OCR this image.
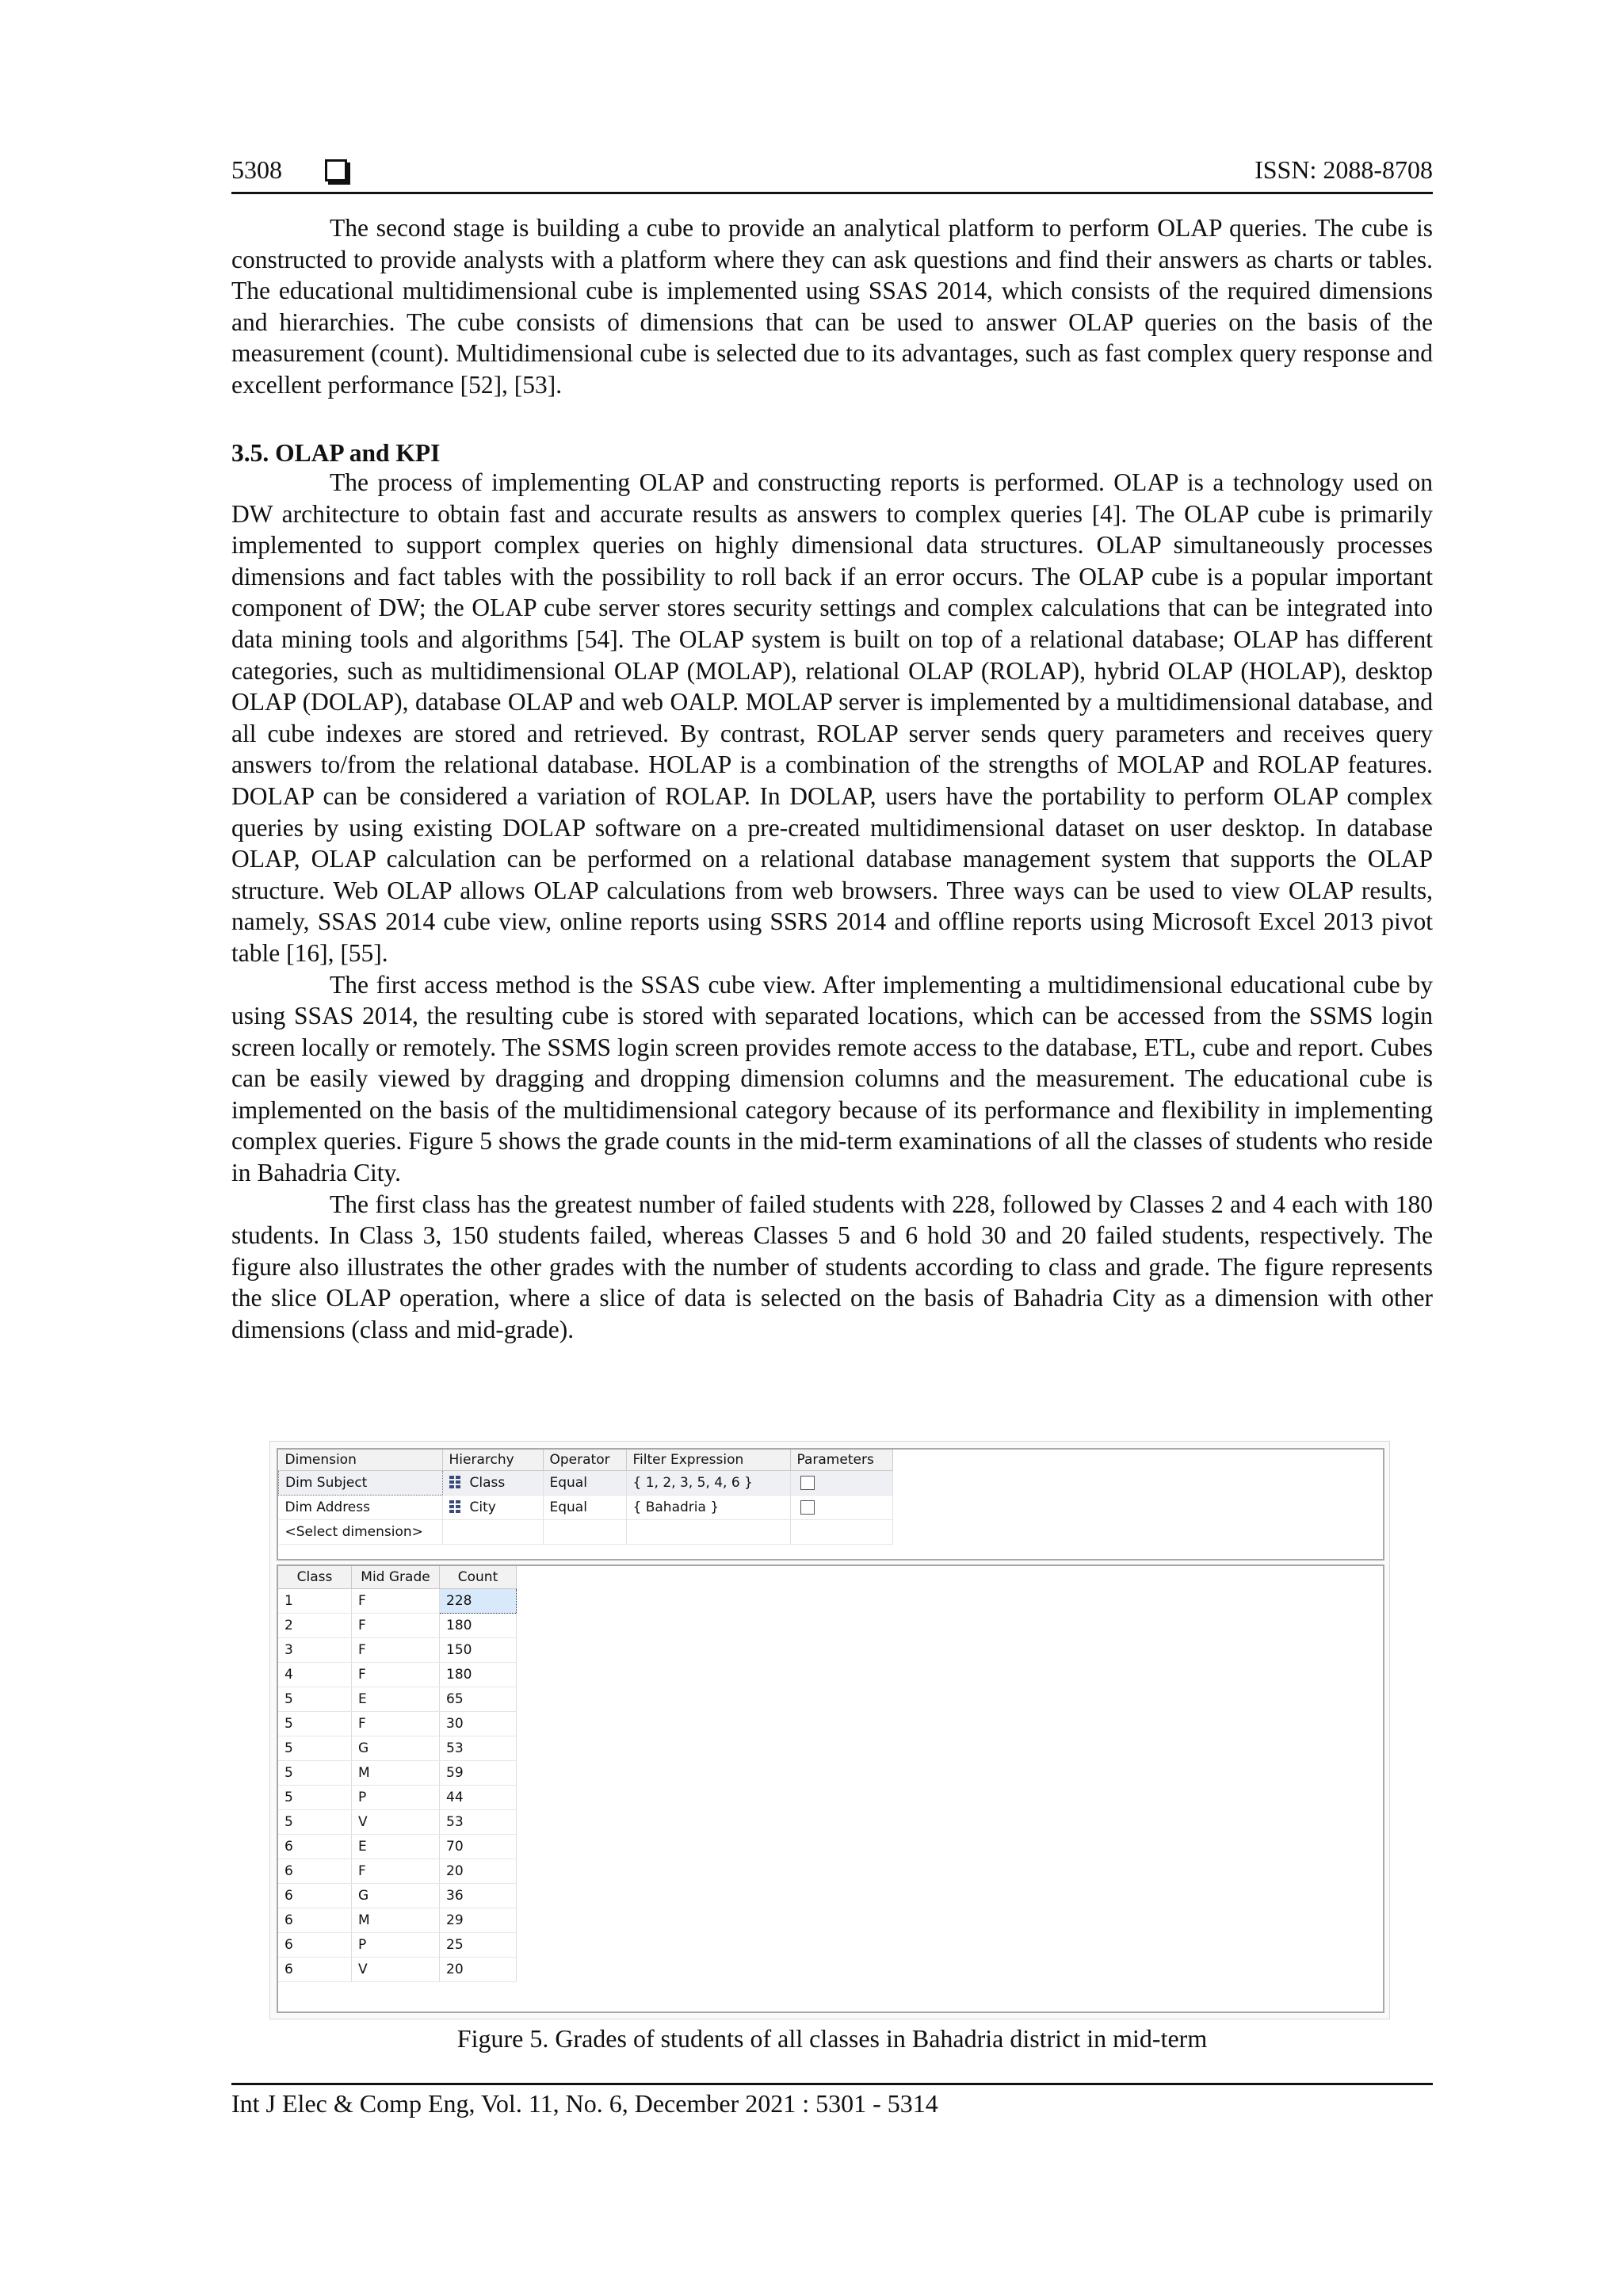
5308	ISSN: 2088-8708

The second stage is building a cube to provide an analytical platform to perform OLAP queries. The cube is constructed to provide analysts with a platform where they can ask questions and find their answers as charts or tables. The educational multidimensional cube is implemented using SSAS 2014, which consists of the required dimensions and hierarchies. The cube consists of dimensions that can be used to answer OLAP queries on the basis of the measurement (count). Multidimensional cube is selected due to its advantages, such as fast complex query response and excellent performance [52], [53].

3.5. OLAP and KPI

The process of implementing OLAP and constructing reports is performed. OLAP is a technology used on DW architecture to obtain fast and accurate results as answers to complex queries [4]. The OLAP cube is primarily implemented to support complex queries on highly dimensional data structures. OLAP simultaneously processes dimensions and fact tables with the possibility to roll back if an error occurs. The OLAP cube is a popular important component of DW; the OLAP cube server stores security settings and complex calculations that can be integrated into data mining tools and algorithms [54]. The OLAP system is built on top of a relational database; OLAP has different categories, such as multidimensional OLAP (MOLAP), relational OLAP (ROLAP), hybrid OLAP (HOLAP), desktop OLAP (DOLAP), database OLAP and web OALP. MOLAP server is implemented by a multidimensional database, and all cube indexes are stored and retrieved. By contrast, ROLAP server sends query parameters and receives query answers to/from the relational database. HOLAP is a combination of the strengths of MOLAP and ROLAP features. DOLAP can be considered a variation of ROLAP. In DOLAP, users have the portability to perform OLAP complex queries by using existing DOLAP software on a pre-created multidimensional dataset on user desktop. In database OLAP, OLAP calculation can be performed on a relational database management system that supports the OLAP structure. Web OLAP allows OLAP calculations from web browsers. Three ways can be used to view OLAP results, namely, SSAS 2014 cube view, online reports using SSRS 2014 and offline reports using Microsoft Excel 2013 pivot table [16], [55].

The first access method is the SSAS cube view. After implementing a multidimensional educational cube by using SSAS 2014, the resulting cube is stored with separated locations, which can be accessed from the SSMS login screen locally or remotely. The SSMS login screen provides remote access to the database, ETL, cube and report. Cubes can be easily viewed by dragging and dropping dimension columns and the measurement. The educational cube is implemented on the basis of the multidimensional category because of its performance and flexibility in implementing complex queries. Figure 5 shows the grade counts in the mid-term examinations of all the classes of students who reside in Bahadria City.

The first class has the greatest number of failed students with 228, followed by Classes 2 and 4 each with 180 students. In Class 3, 150 students failed, whereas Classes 5 and 6 hold 30 and 20 failed students, respectively. The figure also illustrates the other grades with the number of students according to class and grade. The figure represents the slice OLAP operation, where a slice of data is selected on the basis of Bahadria City as a dimension with other dimensions (class and mid-grade).

Dimension	Hierarchy	Operator	Filter Expression	Parameters
Dim Subject	Class	Equal	{ 1, 2, 3, 5, 4, 6 }	
Dim Address	City	Equal	{ Bahadria }	
<Select dimension>				
Class	Mid Grade	Count
1	F	228
2	F	180
3	F	150
4	F	180
5	E	65
5	F	30
5	G	53
5	M	59
5	P	44
5	V	53
6	E	70
6	F	20
6	G	36
6	M	29
6	P	25
6	V	20
Figure 5. Grades of students of all classes in Bahadria district in mid-term
Int J Elec & Comp Eng, Vol. 11, No. 6, December 2021 : 5301 - 5314
